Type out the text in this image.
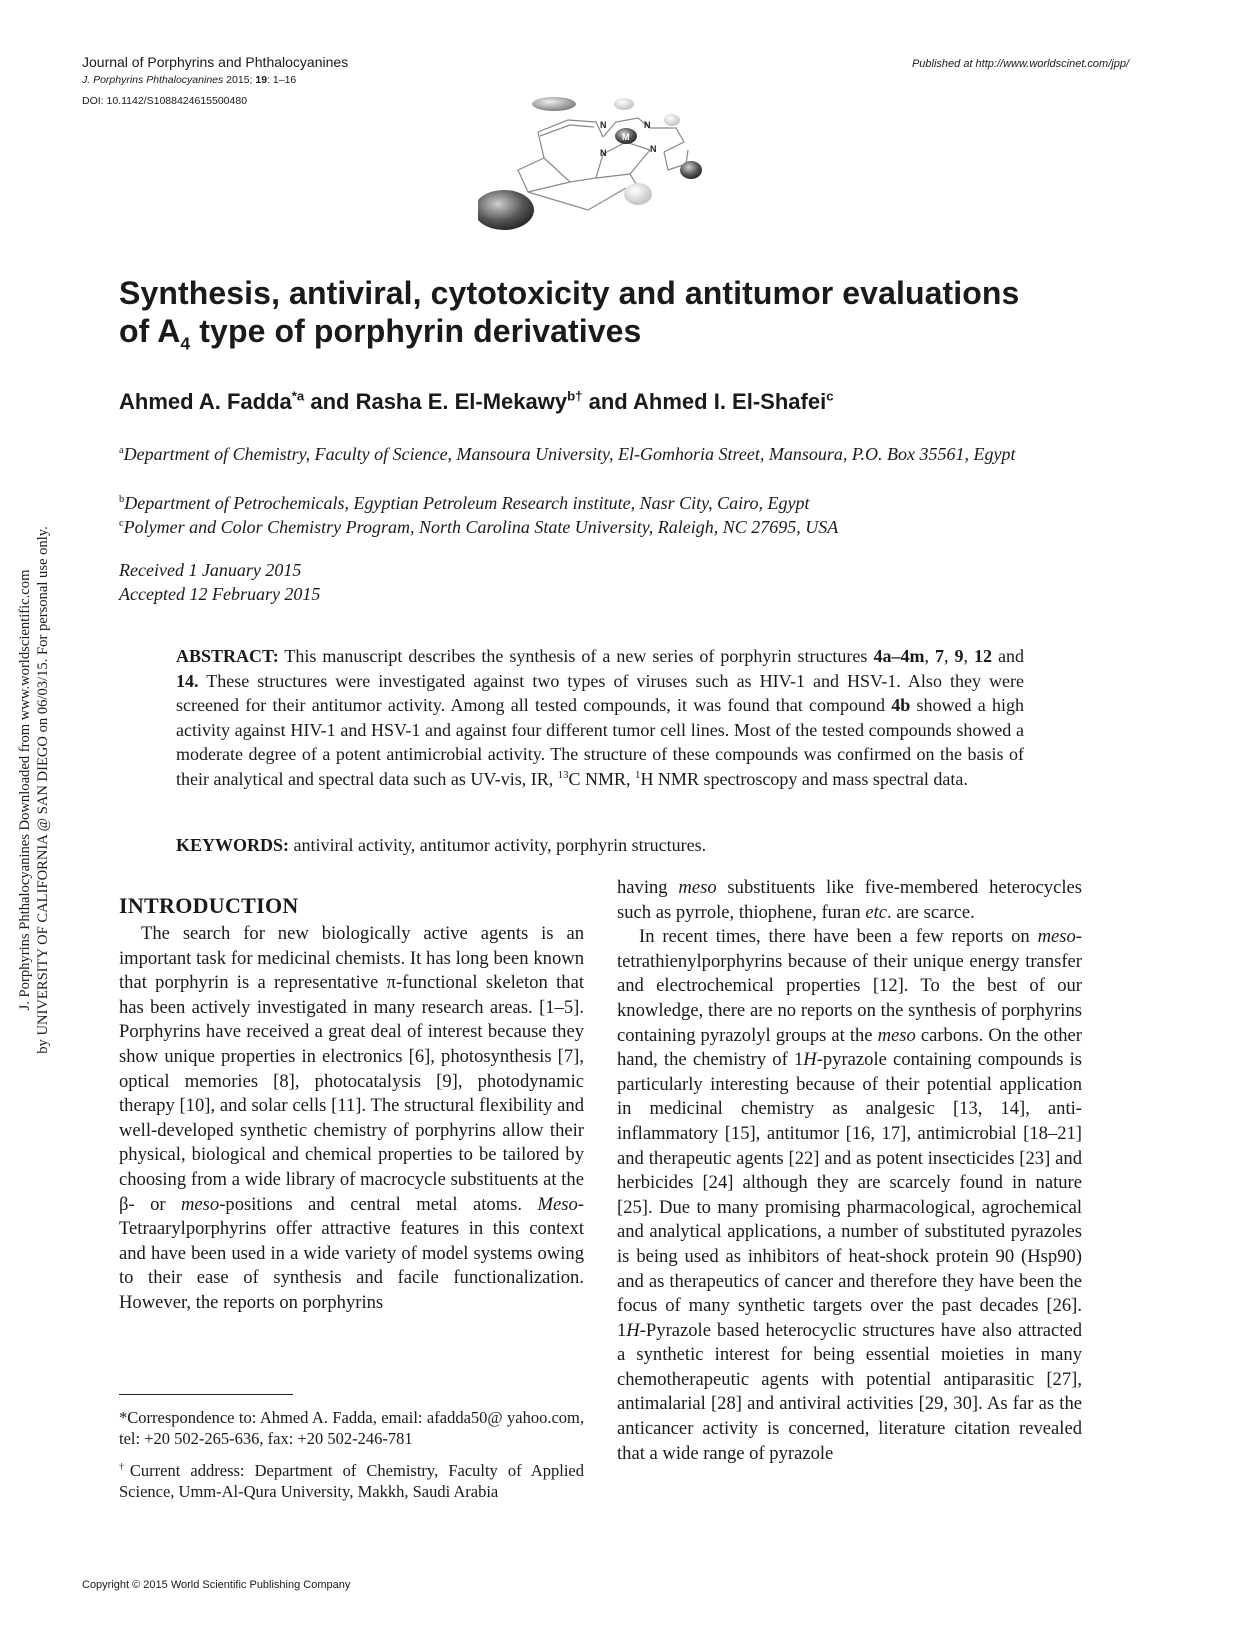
Journal of Porphyrins and Phthalocyanines
J. Porphyrins Phthalocyanines 2015; 19: 1–16
DOI: 10.1142/S1088424615500480
Published at http://www.worldscinet.com/jpp/
N	N
N	N
M
J. Porphyrins Phthalocyanines Downloaded from www.worldscientific.com by UNIVERSITY OF CALIFORNIA @ SAN DIEGO on 06/03/15. For personal use only.
Synthesis, antiviral, cytotoxicity and antitumor evaluations
of $A_4$ type of porphyrin derivatives
Ahmed A. Fadda$^{*a}$ and Rasha E. El-Mekawy$^{b\dagger}$ and Ahmed I. El-Shafei$^c$
$^a$Department of Chemistry, Faculty of Science, Mansoura University, El-Gomhoria Street, Mansoura, P.O. Box 35561, Egypt
$^b$Department of Petrochemicals, Egyptian Petroleum Research institute, Nasr City, Cairo, Egypt
$^c$Polymer and Color Chemistry Program, North Carolina State University, Raleigh, NC 27695, USA
Received 1 January 2015
Accepted 12 February 2015
ABSTRACT: This manuscript describes the synthesis of a new series of porphyrin structures 4a–4m, 7, 9, 12 and 14. These structures were investigated against two types of viruses such as HIV-1 and HSV-1. Also they were screened for their antitumor activity. Among all tested compounds, it was found that compound 4b showed a high activity against HIV-1 and HSV-1 and against four different tumor cell lines. Most of the tested compounds showed a moderate degree of a potent antimicrobial activity. The structure of these compounds was confirmed on the basis of their analytical and spectral data such as UV-vis, IR, $^{13}$C NMR, $^1$H NMR spectroscopy and mass spectral data.
KEYWORDS: antiviral activity, antitumor activity, porphyrin structures.
INTRODUCTION

The search for new biologically active agents is an important task for medicinal chemists. It has long been known that porphyrin is a representative π-functional skeleton that has been actively investigated in many research areas. [1–5]. Porphyrins have received a great deal of interest because they show unique properties in electronics [6], photosynthesis [7], optical memories [8], photocatalysis [9], photodynamic therapy [10], and solar cells [11]. The structural flexibility and well-developed synthetic chemistry of porphyrins allow their physical, biological and chemical properties to be tailored by choosing from a wide library of macrocycle substituents at the β- or meso-positions and central metal atoms. Meso-Tetraarylporphyrins offer attractive features in this context and have been used in a wide variety of model systems owing to their ease of synthesis and facile functionalization. However, the reports on porphyrins

having meso substituents like five-membered heterocycles such as pyrrole, thiophene, furan etc. are scarce.

In recent times, there have been a few reports on meso-tetrathienylporphyrins because of their unique energy transfer and electrochemical properties [12]. To the best of our knowledge, there are no reports on the synthesis of porphyrins containing pyrazolyl groups at the meso carbons. On the other hand, the chemistry of 1H-pyrazole containing compounds is particularly interesting because of their potential application in medicinal chemistry as analgesic [13, 14], anti-inflammatory [15], antitumor [16, 17], antimicrobial [18–21] and therapeutic agents [22] and as potent insecticides [23] and herbicides [24] although they are scarcely found in nature [25]. Due to many promising pharmacological, agrochemical and analytical applications, a number of substituted pyrazoles is being used as inhibitors of heat-shock protein 90 (Hsp90) and as therapeutics of cancer and therefore they have been the focus of many synthetic targets over the past decades [26]. 1H-Pyrazole based heterocyclic structures have also attracted a synthetic interest for being essential moieties in many chemotherapeutic agents with potential antiparasitic [27], antimalarial [28] and antiviral activities [29, 30]. As far as the anticancer activity is concerned, literature citation revealed that a wide range of pyrazole

*Correspondence to: Ahmed A. Fadda, email: afadda50@ yahoo.com, tel: +20 502-265-636, fax: +20 502-246-781
†Current address: Department of Chemistry, Faculty of Applied Science, Umm-Al-Qura University, Makkh, Saudi Arabia
Copyright © 2015 World Scientific Publishing Company
